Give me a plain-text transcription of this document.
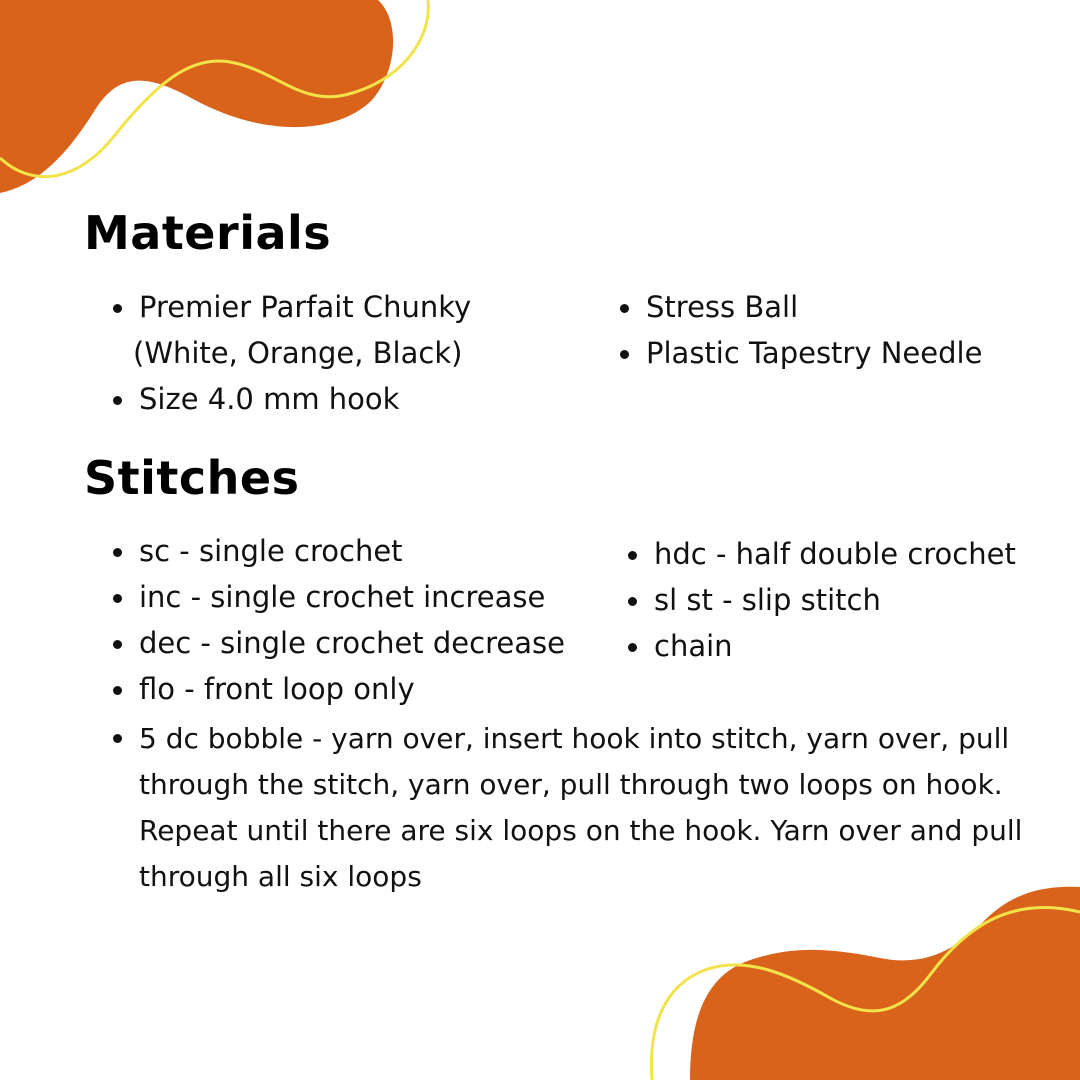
Materials
Premier Parfait Chunky
(White, Orange, Black)
Size 4.0 mm hook
Stress Ball
Plastic Tapestry Needle
Stitches
sc - single crochet
inc - single crochet increase
dec - single crochet decrease
flo - front loop only
hdc - half double crochet
sl st - slip stitch
chain
5 dc bobble - yarn over, insert hook into stitch, yarn over, pull through the stitch, yarn over, pull through two loops on hook. Repeat until there are six loops on the hook. Yarn over and pull through all six loops
